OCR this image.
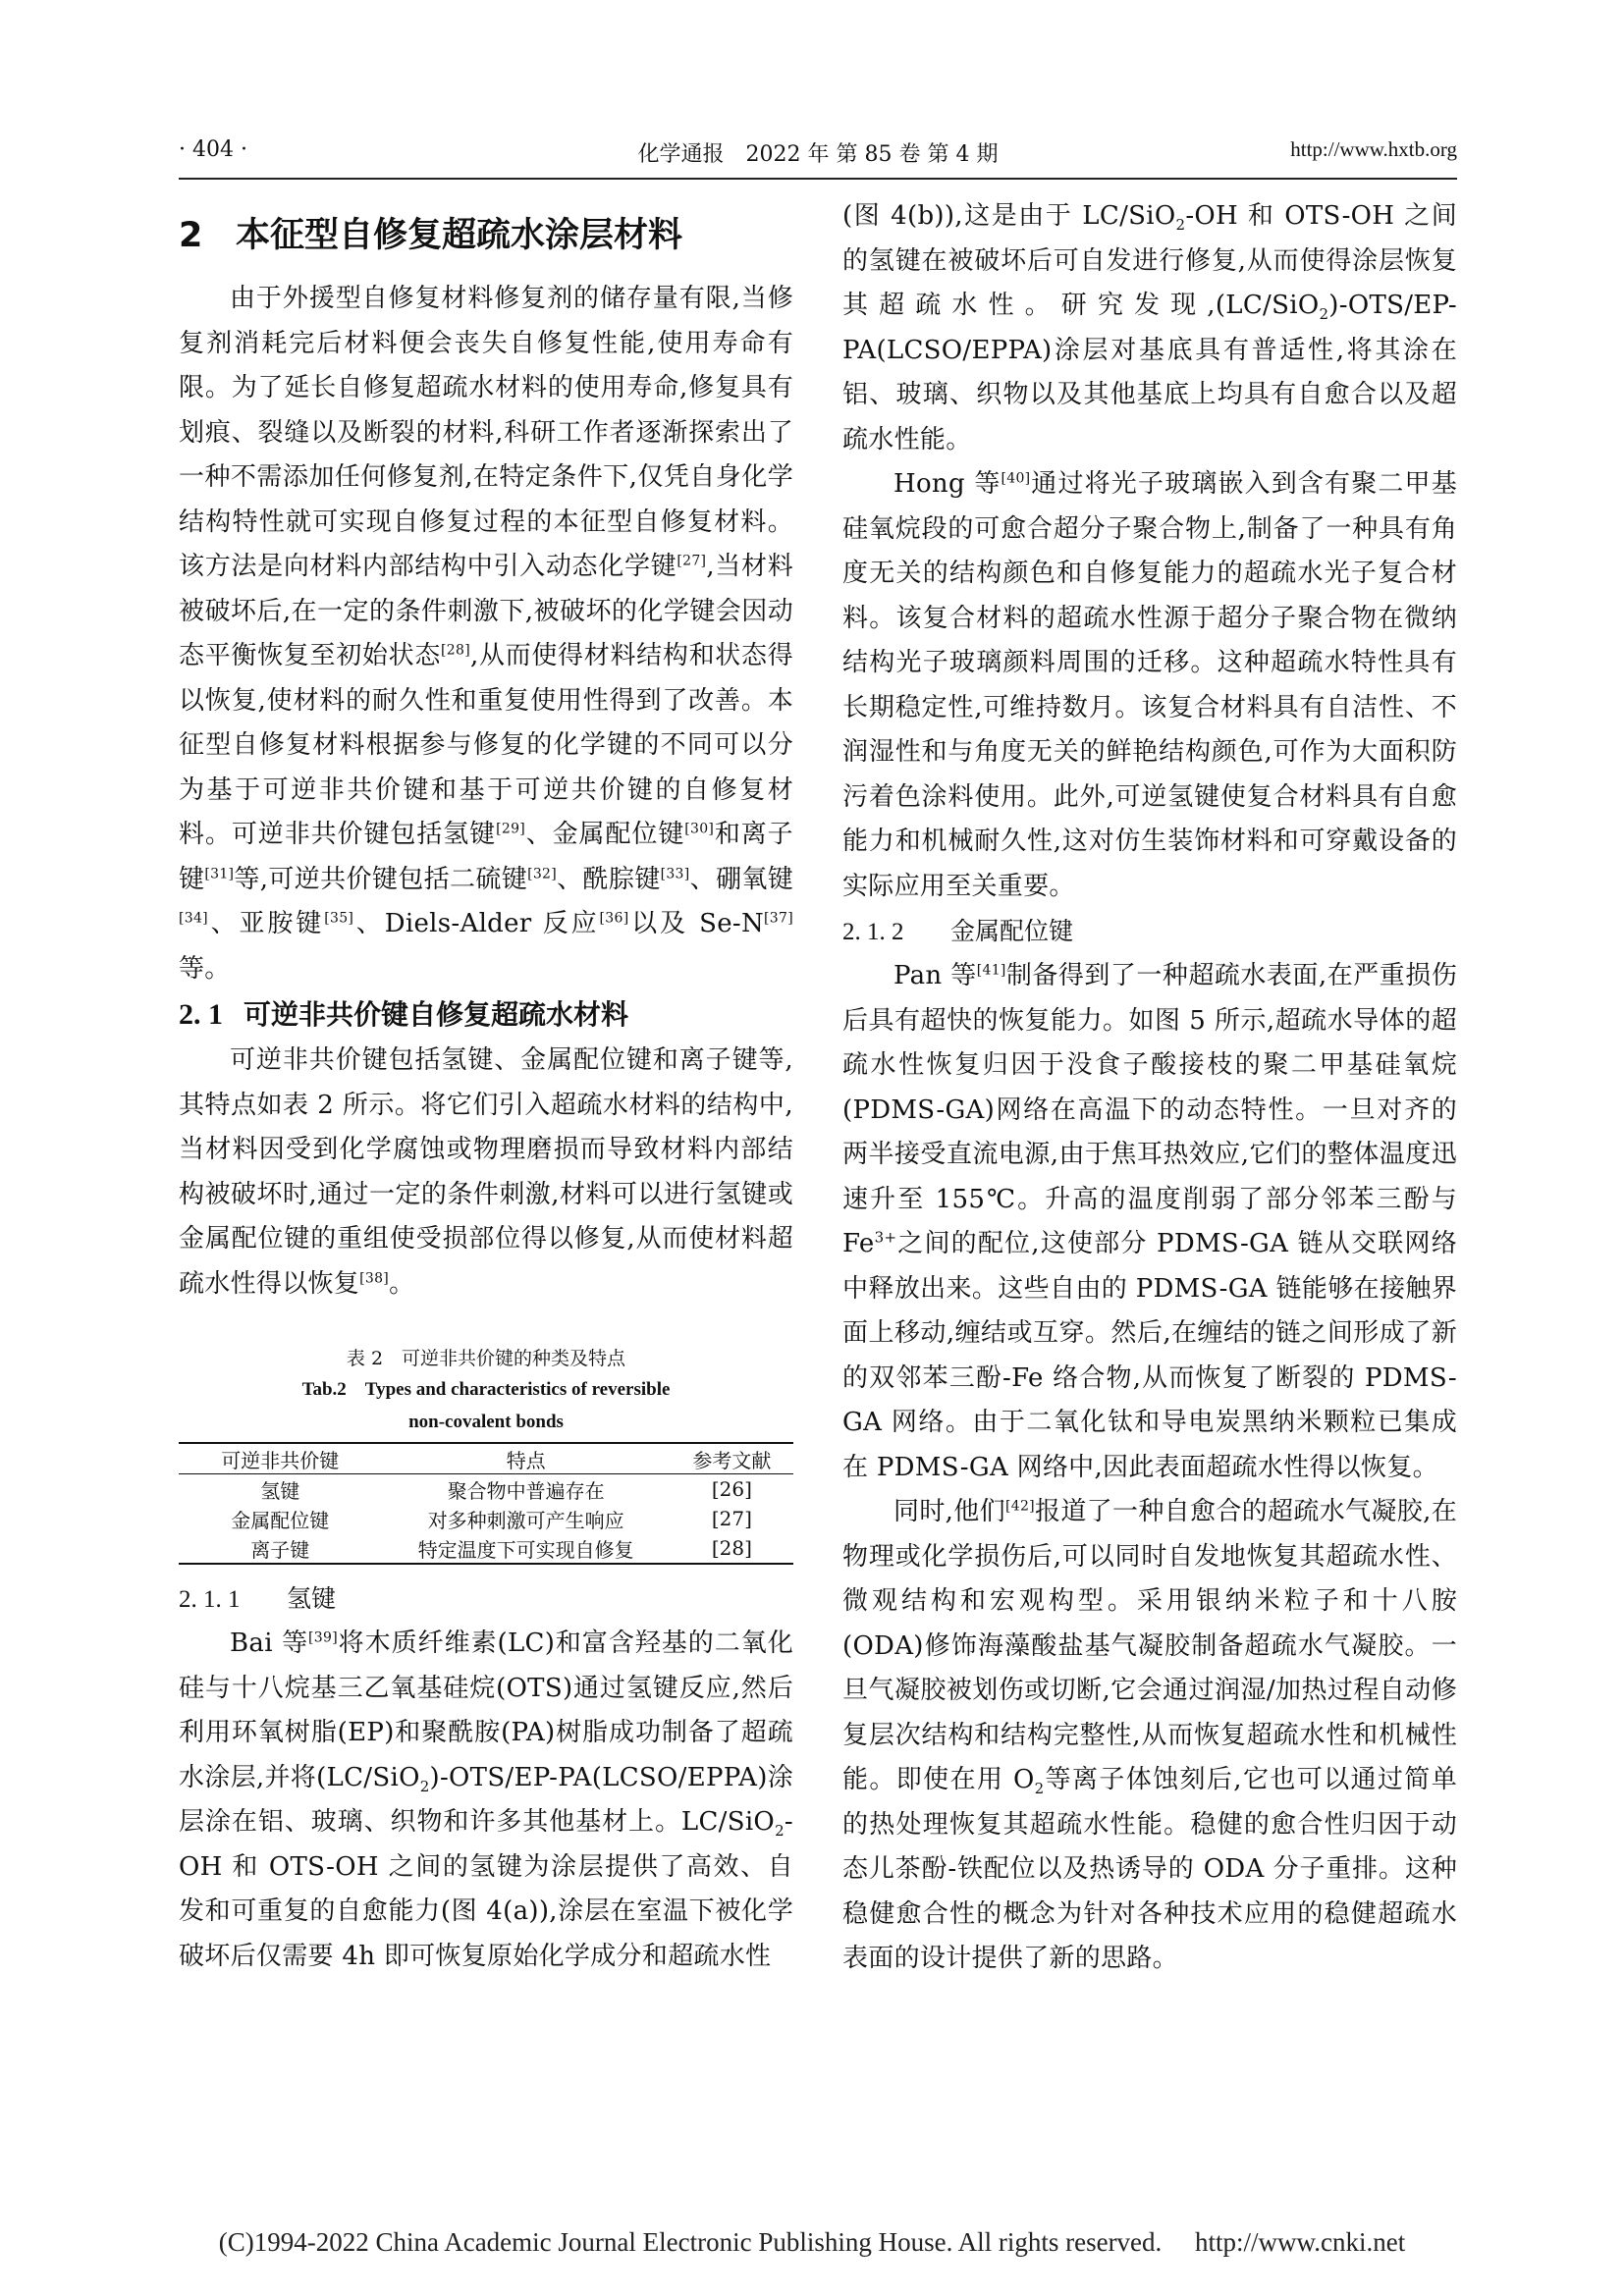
· 404 ·	化学通报　2022 年 第 85 卷 第 4 期	http://www.hxtb.org
2 本征型自修复超疏水涂层材料

由于外援型自修复材料修复剂的储存量有限,当修复剂消耗完后材料便会丧失自修复性能,使用寿命有限。为了延长自修复超疏水材料的使用寿命,修复具有划痕、裂缝以及断裂的材料,科研工作者逐渐探索出了一种不需添加任何修复剂,在特定条件下,仅凭自身化学结构特性就可实现自修复过程的本征型自修复材料。该方法是向材料内部结构中引入动态化学键[27],当材料被破坏后,在一定的条件刺激下,被破坏的化学键会因动态平衡恢复至初始状态[28],从而使得材料结构和状态得以恢复,使材料的耐久性和重复使用性得到了改善。本征型自修复材料根据参与修复的化学键的不同可以分为基于可逆非共价键和基于可逆共价键的自修复材料。可逆非共价键包括氢键[29]、金属配位键[30]和离子键[31]等,可逆共价键包括二硫键[32]、酰腙键[33]、硼氧键[34]、亚胺键[35]、Diels-Alder 反应[36]以及 Se-N[37]等。

2. 1 可逆非共价键自修复超疏水材料

可逆非共价键包括氢键、金属配位键和离子键等,其特点如表 2 所示。将它们引入超疏水材料的结构中,当材料因受到化学腐蚀或物理磨损而导致材料内部结构被破坏时,通过一定的条件刺激,材料可以进行氢键或金属配位键的重组使受损部位得以修复,从而使材料超疏水性得以恢复[38]。

表 2　可逆非共价键的种类及特点

Tab.2　Types and characteristics of reversible

non-covalent bonds

可逆非共价键	特点	参考文献
氢键	聚合物中普遍存在	[26]
金属配位键	对多种刺激可产生响应	[27]
离子键	特定温度下可实现自修复	[28]
2. 1. 1 氢键

Bai 等[39]将木质纤维素(LC)和富含羟基的二氧化硅与十八烷基三乙氧基硅烷(OTS)通过氢键反应,然后利用环氧树脂(EP)和聚酰胺(PA)树脂成功制备了超疏水涂层,并将(LC/SiO$_2$)-OTS/EP-PA(LCSO/EPPA)涂层涂在铝、玻璃、织物和许多其他基材上。LC/SiO$_2$-OH 和 OTS-OH 之间的氢键为涂层提供了高效、自发和可重复的自愈能力(图 4(a)),涂层在室温下被化学破坏后仅需要 4h 即可恢复原始化学成分和超疏水性

(图 4(b)),这是由于 LC/SiO$_2$-OH 和 OTS-OH 之间的氢键在被破坏后可自发进行修复,从而使得涂层恢复其超疏水性。研究发现,(LC/SiO$_2$)-OTS/EP-PA(LCSO/EPPA)涂层对基底具有普适性,将其涂在铝、玻璃、织物以及其他基底上均具有自愈合以及超疏水性能。

Hong 等[40]通过将光子玻璃嵌入到含有聚二甲基硅氧烷段的可愈合超分子聚合物上,制备了一种具有角度无关的结构颜色和自修复能力的超疏水光子复合材料。该复合材料的超疏水性源于超分子聚合物在微纳结构光子玻璃颜料周围的迁移。这种超疏水特性具有长期稳定性,可维持数月。该复合材料具有自洁性、不润湿性和与角度无关的鲜艳结构颜色,可作为大面积防污着色涂料使用。此外,可逆氢键使复合材料具有自愈能力和机械耐久性,这对仿生装饰材料和可穿戴设备的实际应用至关重要。

2. 1. 2 金属配位键

Pan 等[41]制备得到了一种超疏水表面,在严重损伤后具有超快的恢复能力。如图 5 所示,超疏水导体的超疏水性恢复归因于没食子酸接枝的聚二甲基硅氧烷(PDMS-GA)网络在高温下的动态特性。一旦对齐的两半接受直流电源,由于焦耳热效应,它们的整体温度迅速升至 155℃。升高的温度削弱了部分邻苯三酚与 $Fe^{3+}$之间的配位,这使部分 PDMS-GA 链从交联网络中释放出来。这些自由的 PDMS-GA 链能够在接触界面上移动,缠结或互穿。然后,在缠结的链之间形成了新的双邻苯三酚-Fe 络合物,从而恢复了断裂的 PDMS-GA 网络。由于二氧化钛和导电炭黑纳米颗粒已集成在 PDMS-GA 网络中,因此表面超疏水性得以恢复。

同时,他们[42]报道了一种自愈合的超疏水气凝胶,在物理或化学损伤后,可以同时自发地恢复其超疏水性、微观结构和宏观构型。采用银纳米粒子和十八胺(ODA)修饰海藻酸盐基气凝胶制备超疏水气凝胶。一旦气凝胶被划伤或切断,它会通过润湿/加热过程自动修复层次结构和结构完整性,从而恢复超疏水性和机械性能。即使在用 $O_2$等离子体蚀刻后,它也可以通过简单的热处理恢复其超疏水性能。稳健的愈合性归因于动态儿茶酚-铁配位以及热诱导的 ODA 分子重排。这种稳健愈合性的概念为针对各种技术应用的稳健超疏水表面的设计提供了新的思路。

(C)1994-2022 China Academic Journal Electronic Publishing House. All rights reserved.　 http://www.cnki.net
